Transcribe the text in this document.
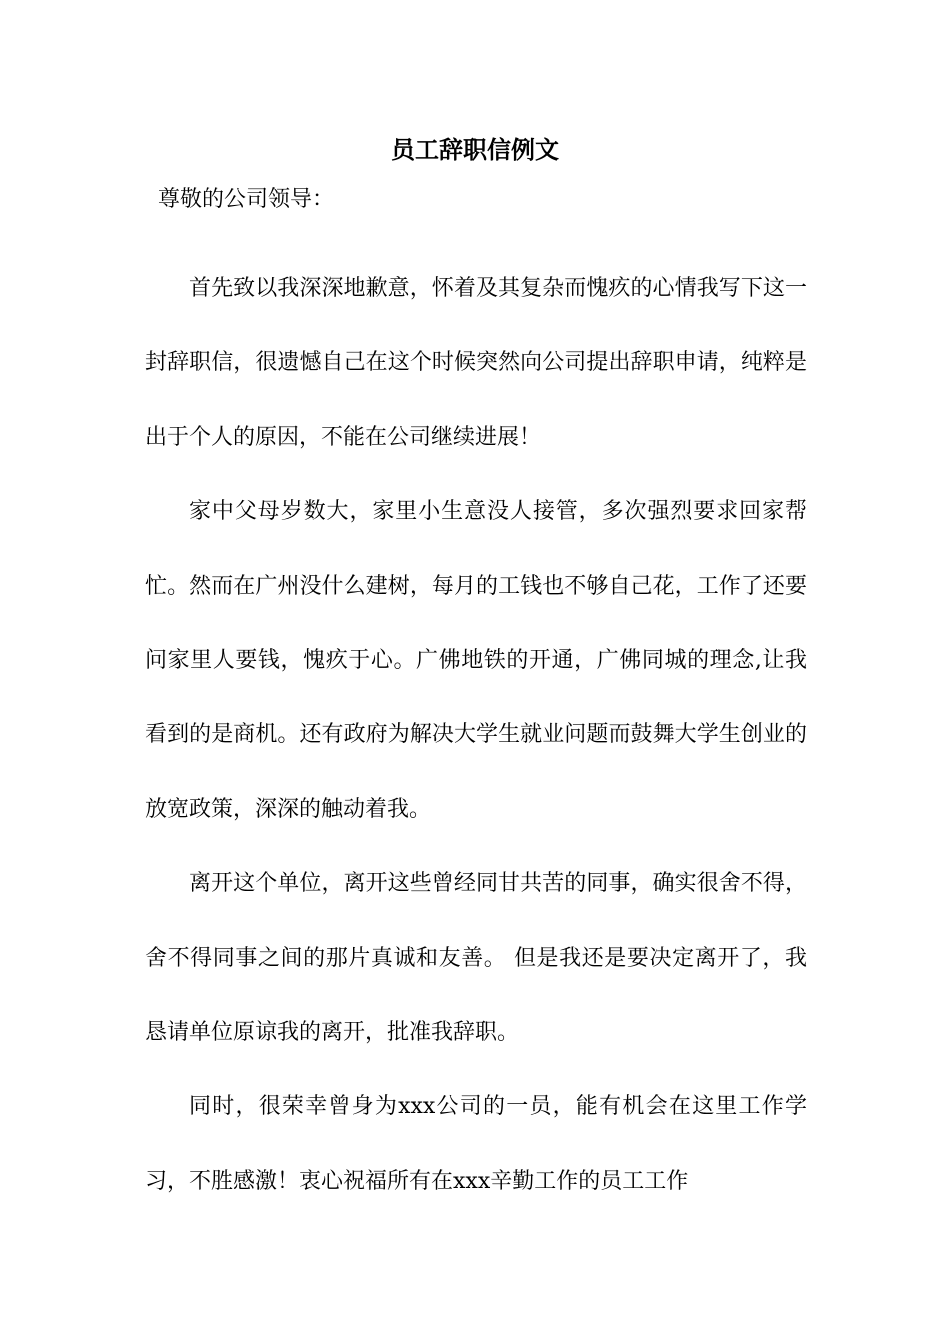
员工辞职信例文
尊敬的公司领导：

首先致以我深深地歉意，怀着及其复杂而愧疚的心情我写下这一封辞职信，很遗憾自己在这个时候突然向公司提出辞职申请，纯粹是出于个人的原因，不能在公司继续进展！

家中父母岁数大，家里小生意没人接管，多次强烈要求回家帮忙。然而在广州没什么建树，每月的工钱也不够自己花，工作了还要问家里人要钱，愧疚于心。广佛地铁的开通，广佛同城的理念,让我看到的是商机。还有政府为解决大学生就业问题而鼓舞大学生创业的放宽政策，深深的触动着我。

离开这个单位，离开这些曾经同甘共苦的同事，确实很舍不得，舍不得同事之间的那片真诚和友善。 但是我还是要决定离开了，我恳请单位原谅我的离开，批准我辞职。

同时，很荣幸曾身为xxx公司的一员，能有机会在这里工作学习，不胜感激！衷心祝福所有在xxx辛勤工作的员工工作
